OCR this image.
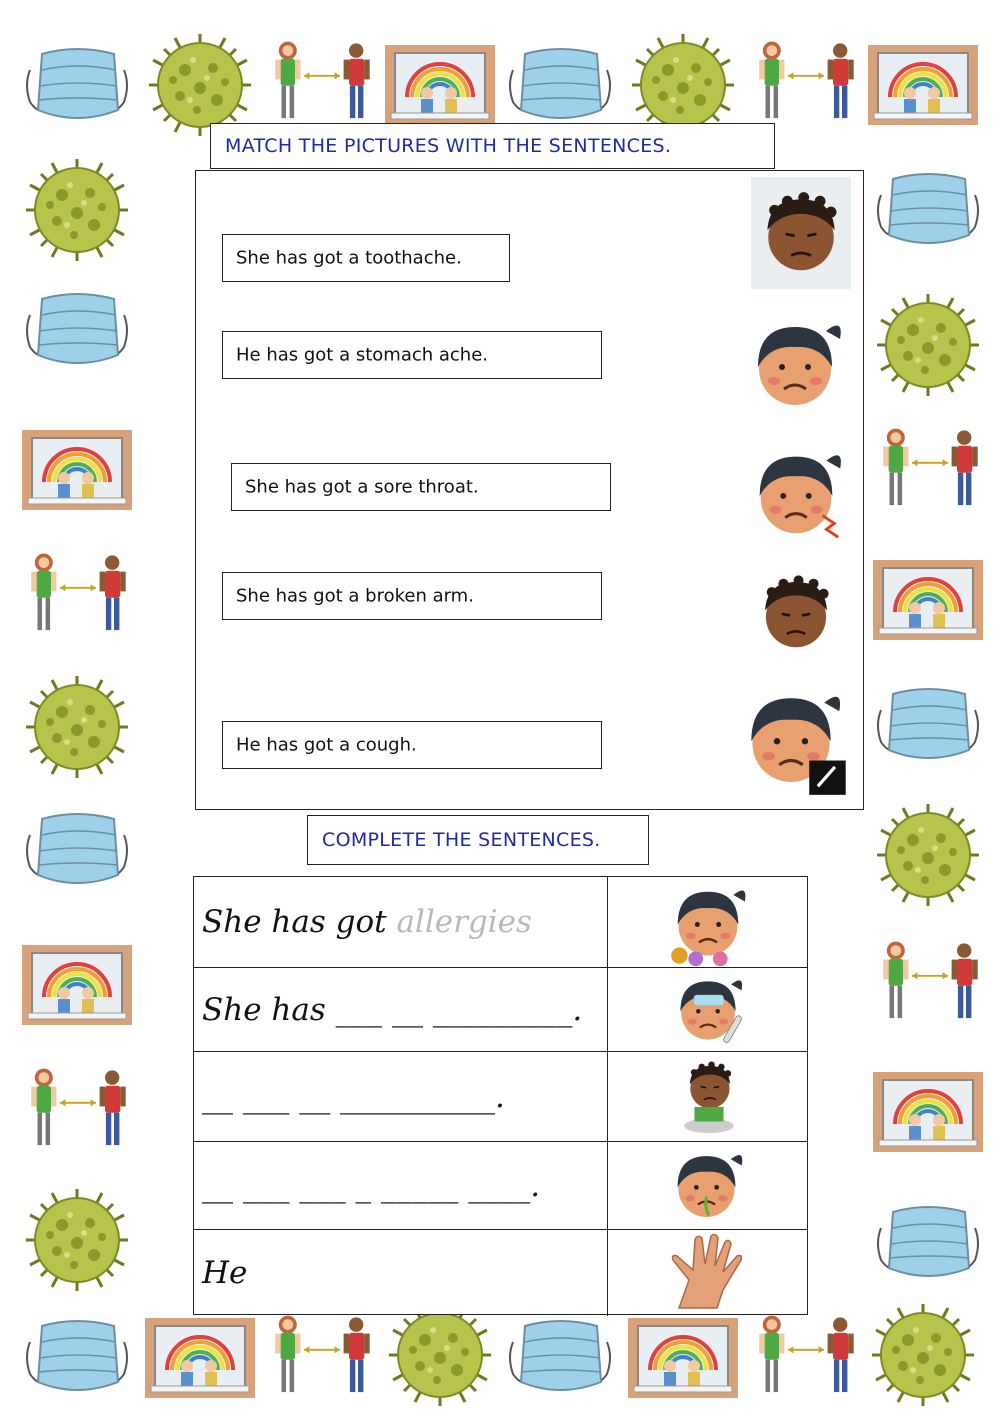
MATCH THE PICTURES WITH THE SENTENCES.
She has got a toothache.
He has got a stomach ache.
She has got a sore throat.
She has got a broken arm.
He has got a cough.
COMPLETE THE SENTENCES.
She has got allergies
She has ___ __ _________.
__ ___ __ __________.
__ ___ ___ _ _____ ____.
He
